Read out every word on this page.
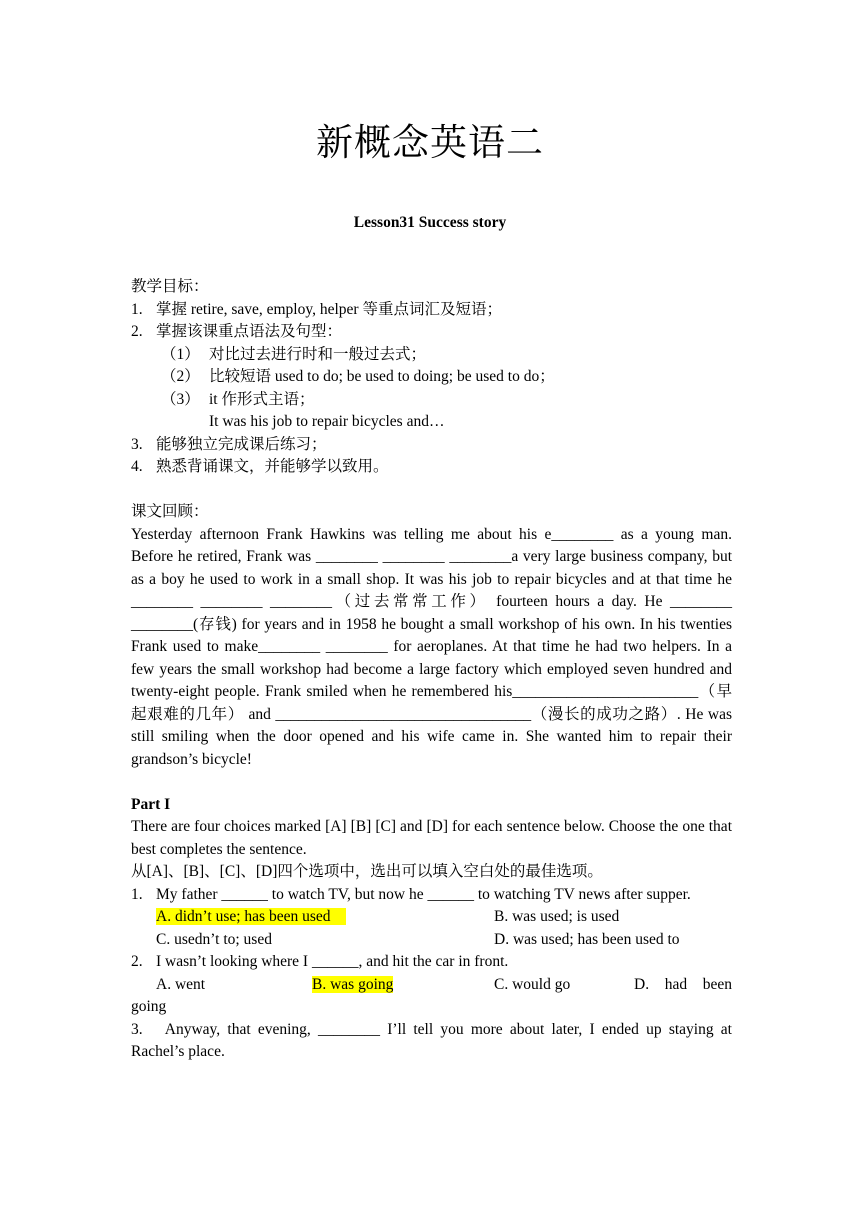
新概念英语二
Lesson31 Success story

教学目标：

1. 掌握 retire, save, employ, helper 等重点词汇及短语；
2. 掌握该课重点语法及句型：
（1） 对比过去进行时和一般过去式；
（2） 比较短语 used to do; be used to doing; be used to do；
（3） it 作形式主语；
It was his job to repair bicycles and…
3. 能够独立完成课后练习；
4. 熟悉背诵课文，并能够学以致用。

课文回顾：

Yesterday afternoon Frank Hawkins was telling me about his e________ as a young man. Before he retired, Frank was ________ ________ ________a very large business company, but as a boy he used to work in a small shop. It was his job to repair bicycles and at that time he ________ ________ ________（过去常常工作） fourteen hours a day. He ________ ________(存钱) for years and in 1958 he bought a small workshop of his own. In his twenties Frank used to make________ ________ for aeroplanes. At that time he had two helpers. In a few years the small workshop had become a large factory which employed seven hundred and twenty-eight people. Frank smiled when he remembered his________________________（早起艰难的几年） and _________________________________（漫长的成功之路）. He was still smiling when the door opened and his wife came in. She wanted him to repair their grandson’s bicycle!

Part I

There are four choices marked [A] [B] [C] and [D] for each sentence below. Choose the one that best completes the sentence.

从[A]、[B]、[C]、[D]四个选项中，选出可以填入空白处的最佳选项。

1. My father ______ to watch TV, but now he ______ to watching TV news after supper.
A. didn’t use; has been used	B. was used; is used
C. usedn’t to; used	D. was used; has been used to
2. I wasn’t looking where I ______, and hit the car in front.
A. went	B. was going	C. would go	D. had been

going

3.　Anyway, that evening, ________ I’ll tell you more about later, I ended up staying at Rachel’s place.
